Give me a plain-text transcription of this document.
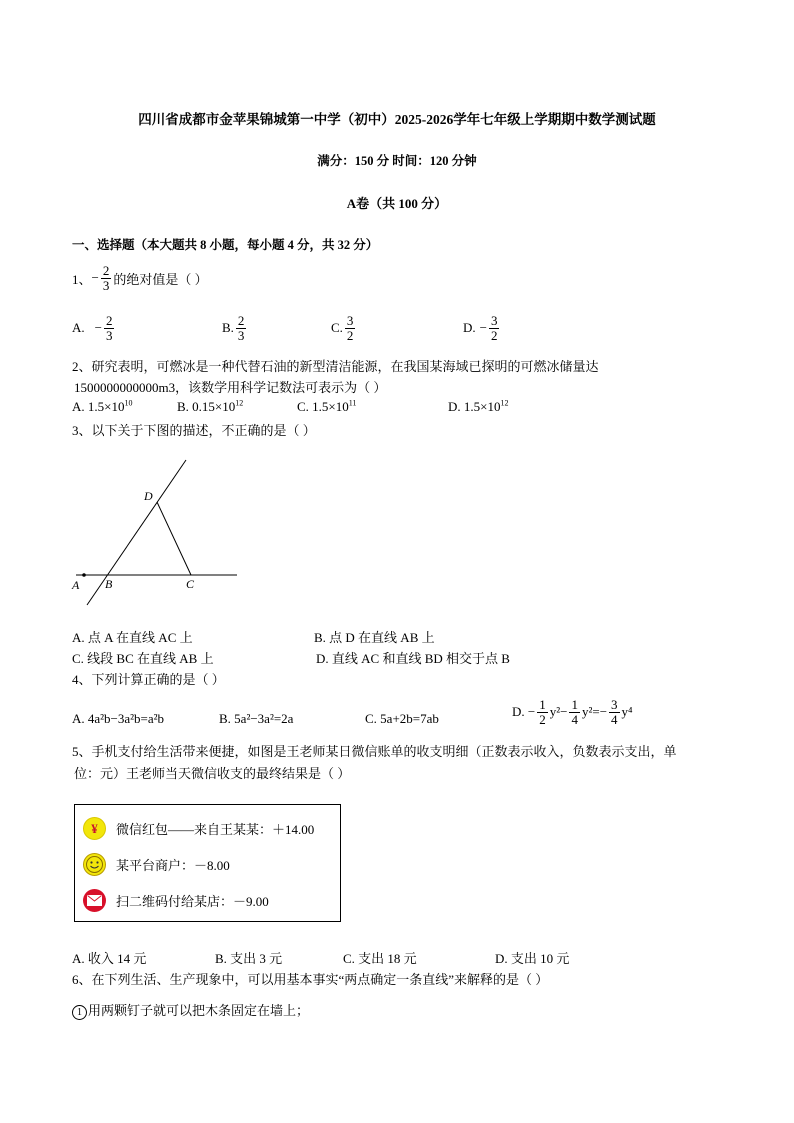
四川省成都市金苹果锦城第一中学（初中）2025-2026学年七年级上学期期中数学测试题
满分：150 分 时间：120 分钟
A卷（共 100 分）
一、选择题（本大题共 8 小题，每小题 4 分，共 32 分）
1、 − $\frac{2}{3}$ 的绝对值是（ ）
A. − $\frac{2}{3}$	B. $\frac{2}{3}$	C. $\frac{3}{2}$	D. − $\frac{3}{2}$
2、研究表明，可燃冰是一种代替石油的新型清洁能源，在我国某海域已探明的可燃冰储量达
1500000000000m3，该数学用科学记数法可表示为（ ）
A. $1.5\times 10^{10}$	B. $0.15\times 10^{12}$	C. $1.5\times 10^{11}$	D. $1.5\times 10^{12}$
3、以下关于下图的描述，不正确的是（ ）
A B	C
D
A. 点 A 在直线 AC 上	B. 点 D 在直线 AB 上
C. 线段 BC 在直线 AB 上	D. 直线 AC 和直线 BD 相交于点 B
4、下列计算正确的是（ ）
A. 4a²b−3a²b=a²b	B. 5a²−3a²=2a	C. 5a+2b=7ab	D. − $\frac{1}{2} y^2- \frac{1}{4} y^2=- \frac{3}{4} y^4$
5、手机支付给生活带来便捷，如图是王老师某日微信账单的收支明细（正数表示收入，负数表示支出，单
位：元）王老师当天微信收支的最终结果是（ ）
¥	微信红包——来自王某某：＋14.00
某平台商户：－8.00
扫二维码付给某店：－9.00
A. 收入 14 元	B. 支出 3 元	C. 支出 18 元	D. 支出 10 元
6、在下列生活、生产现象中，可以用基本事实“两点确定一条直线”来解释的是（ ）
1 用两颗钉子就可以把木条固定在墙上；
